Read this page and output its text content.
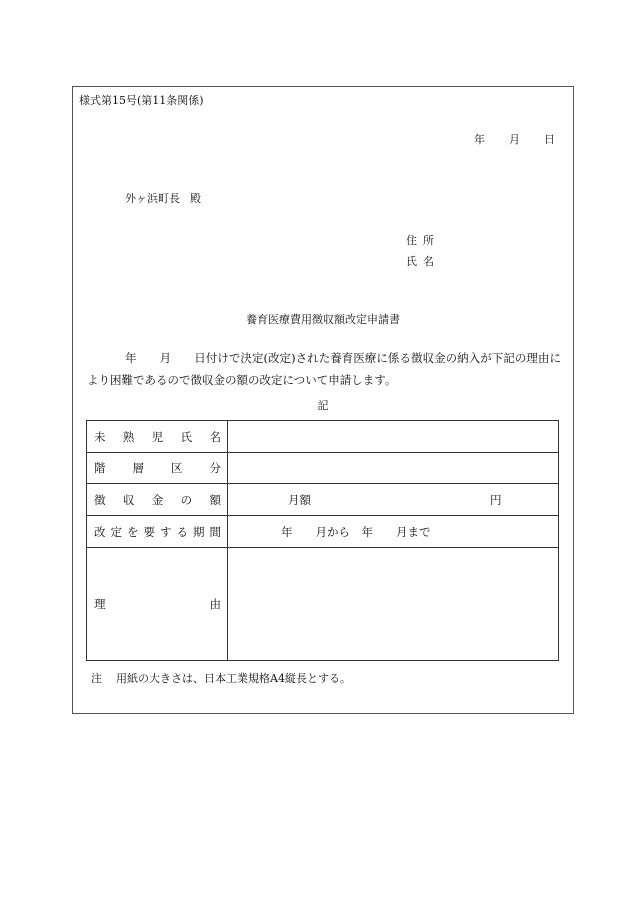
様式第15号(第11条関係)
年 月 日
外ヶ浜町長 殿
住所
氏名
養育医療費用徴収額改定申請書
年　　月　　日付けで決定(改定)された養育医療に係る徴収金の納入が下記の理由により困難であるので徴収金の額の改定について申請します。
記
未 熟 児 氏 名
階 層 区 分
徴 収 金 の 額	月額	円
改 定 を 要 す る 期 間	年　　月から　年　　月まで
理	由
注 用紙の大きさは、日本工業規格A4縦長とする。
